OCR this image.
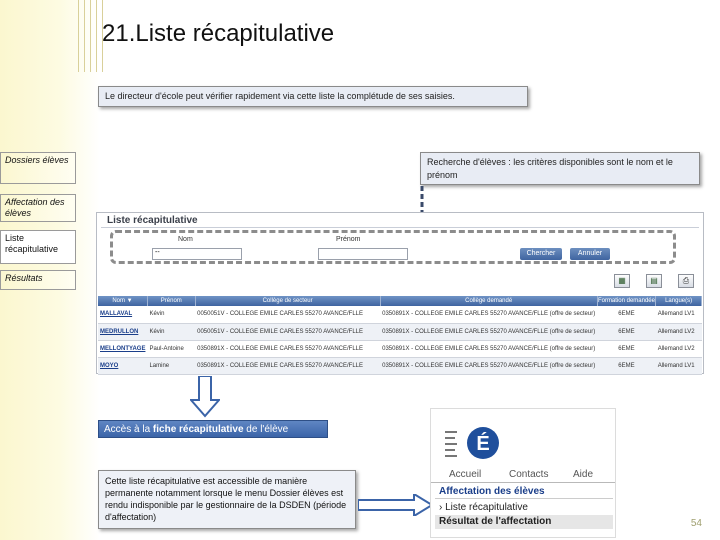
21.Liste récapitulative
Le directeur d'école peut vérifier rapidement via cette liste la complétude de ses saisies.
Recherche d'élèves : les critères disponibles sont le nom et le prénom
Dossiers élèves
Affectation des élèves
Liste récapitulative
Résultats
Liste récapitulative
Nom
--
Prénom
Chercher	Annuler
▦	▤	⎙
Nom ▼	Prénom	Collège de secteur	Collège demandé	Formation demandée	Langue(s)
MALLAVAL	Kévin	0050051V - COLLEGE EMILE CARLES 55270 AVANCE/FLLE	0350891X - COLLEGE EMILE CARLES 55270 AVANCE/FLLE (offre de secteur)	6EME	Allemand LV1
MEDRULLON	Kévin	0050051V - COLLEGE EMILE CARLES 55270 AVANCE/FLLE	0350891X - COLLEGE EMILE CARLES 55270 AVANCE/FLLE (offre de secteur)	6EME	Allemand LV2
MELLONTYAGE	Paul-Antoine	0350891X - COLLEGE EMILE CARLES 55270 AVANCE/FLLE	0350891X - COLLEGE EMILE CARLES 55270 AVANCE/FLLE (offre de secteur)	6EME	Allemand LV2
MOYO	Lamine	0350891X - COLLEGE EMILE CARLES 55270 AVANCE/FLLE	0350891X - COLLEGE EMILE CARLES 55270 AVANCE/FLLE (offre de secteur)	6EME	Allemand LV1
Accès à la fiche récapitulative de l'élève
Cette liste récapitulative est accessible de manière permanente notamment lorsque le menu Dossier élèves est rendu indisponible par le gestionnaire de la DSDEN (période d'affectation)
É
Accueil	Contacts Aide
Affectation des élèves
› Liste récapitulative
Résultat de l'affectation	54
